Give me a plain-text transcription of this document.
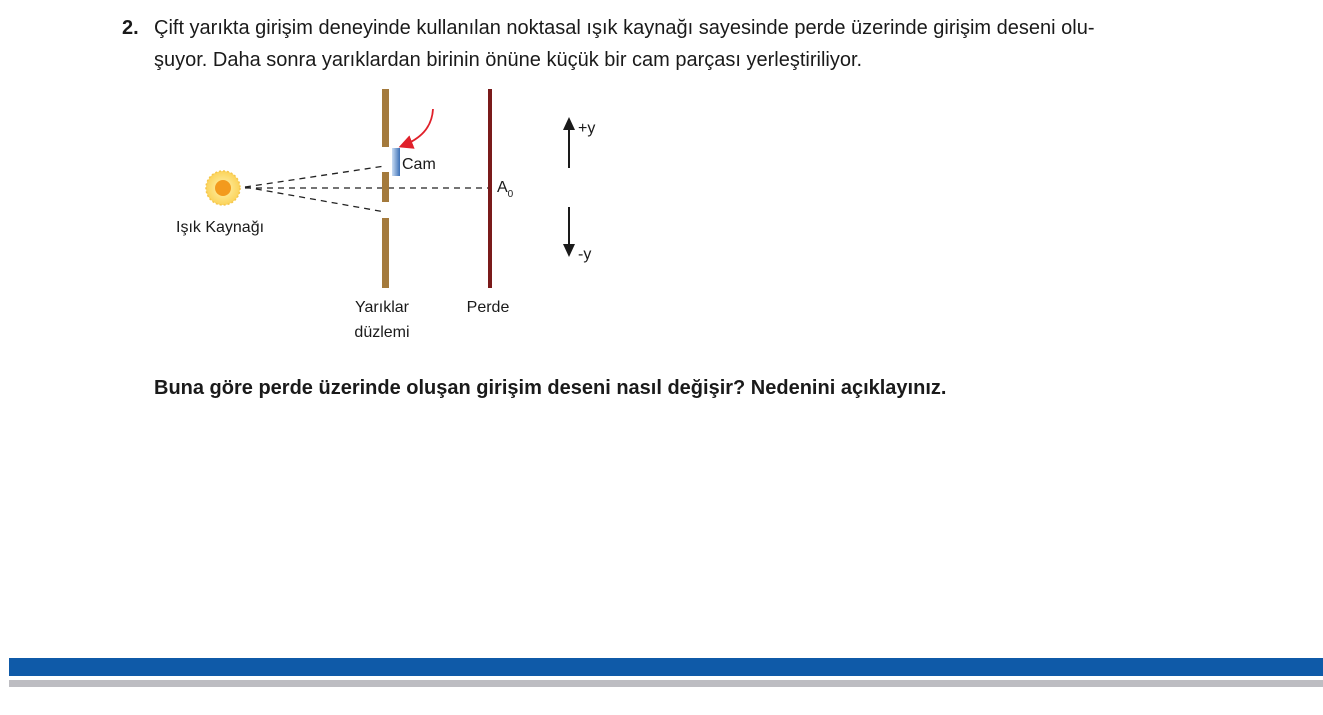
2. Çift yarıkta girişim deneyinde kullanılan noktasal ışık kaynağı sayesinde perde üzerinde girişim deseni olu-
şuyor. Daha sonra yarıklardan birinin önüne küçük bir cam parçası yerleştiriliyor.
Işık Kaynağı
Cam
$A_0$
+y
-y
Yarıklar
düzlemi
Perde
Buna göre perde üzerinde oluşan girişim deseni nasıl değişir? Nedenini açıklayınız.
